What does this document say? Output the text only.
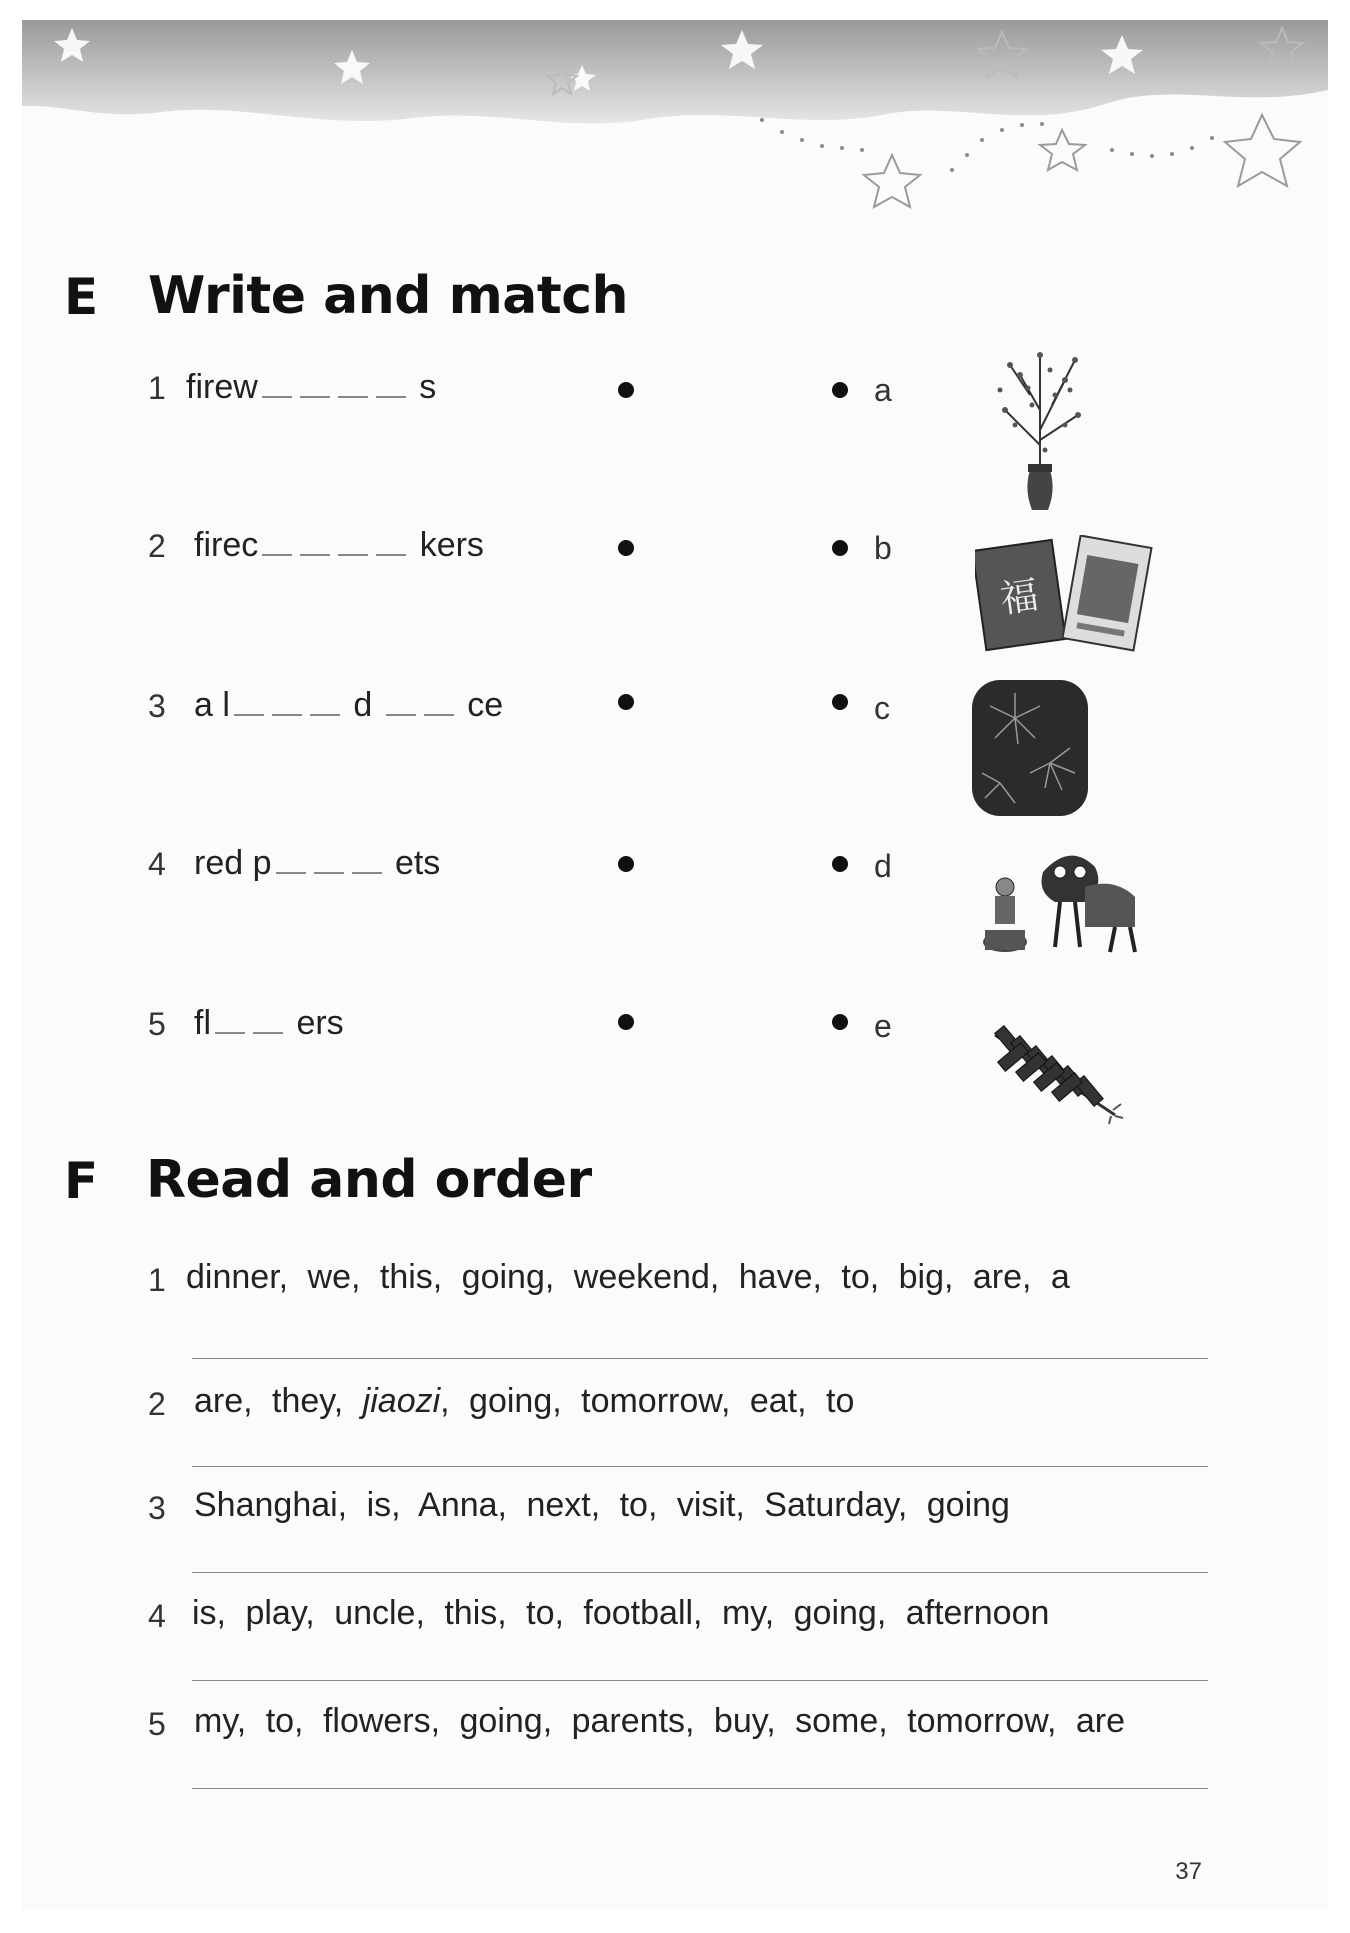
E Write and match
1 firew	s	a
2 firec	kers	b
3 a l	d	ce	c
4 red p	ets	d
5 fl	ers	e
福
F Read and order
1 dinner, we, this, going, weekend, have, to, big, are, a
2 are, they, jiaozi, going, tomorrow, eat, to
3 Shanghai, is, Anna, next, to, visit, Saturday, going
4 is, play, uncle, this, to, football, my, going, afternoon
5 my, to, flowers, going, parents, buy, some, tomorrow, are
37
